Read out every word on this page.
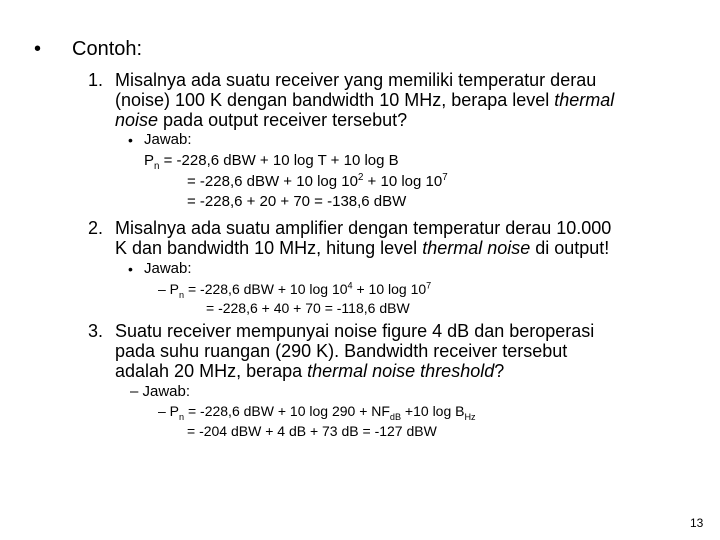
• Contoh:
1. Misalnya ada suatu receiver yang memiliki temperatur derau
(noise) 100 K dengan bandwidth 10 MHz, berapa level thermal
noise pada output receiver tersebut?
• Jawab:
$P_n = -228,6$ dBW + 10 log T + 10 log B
= -228,6 dBW + 10 $\log 10^2 + 10$ $\log 10^7$
= -228,6 + 20 + 70 = -138,6 dBW
2. Misalnya ada suatu amplifier dengan temperatur derau 10.000
K dan bandwidth 10 MHz, hitung level thermal noise di output!
• Jawab:
– $P_n = -228,6$ dBW + 10 $\log 10^4 + 10$ $\log 10^7$
= -228,6 + 40 + 70 = -118,6 dBW
3. Suatu receiver mempunyai noise figure 4 dB dan beroperasi
pada suhu ruangan (290 K). Bandwidth receiver tersebut
adalah 20 MHz, berapa thermal noise threshold?
– Jawab:
– $P_n = -228,6$ dBW + 10 $\log 290 + NF_{dB} +10$ $\log B_{Hz}$
= -204 dBW + 4 dB + 73 dB = -127 dBW
13
